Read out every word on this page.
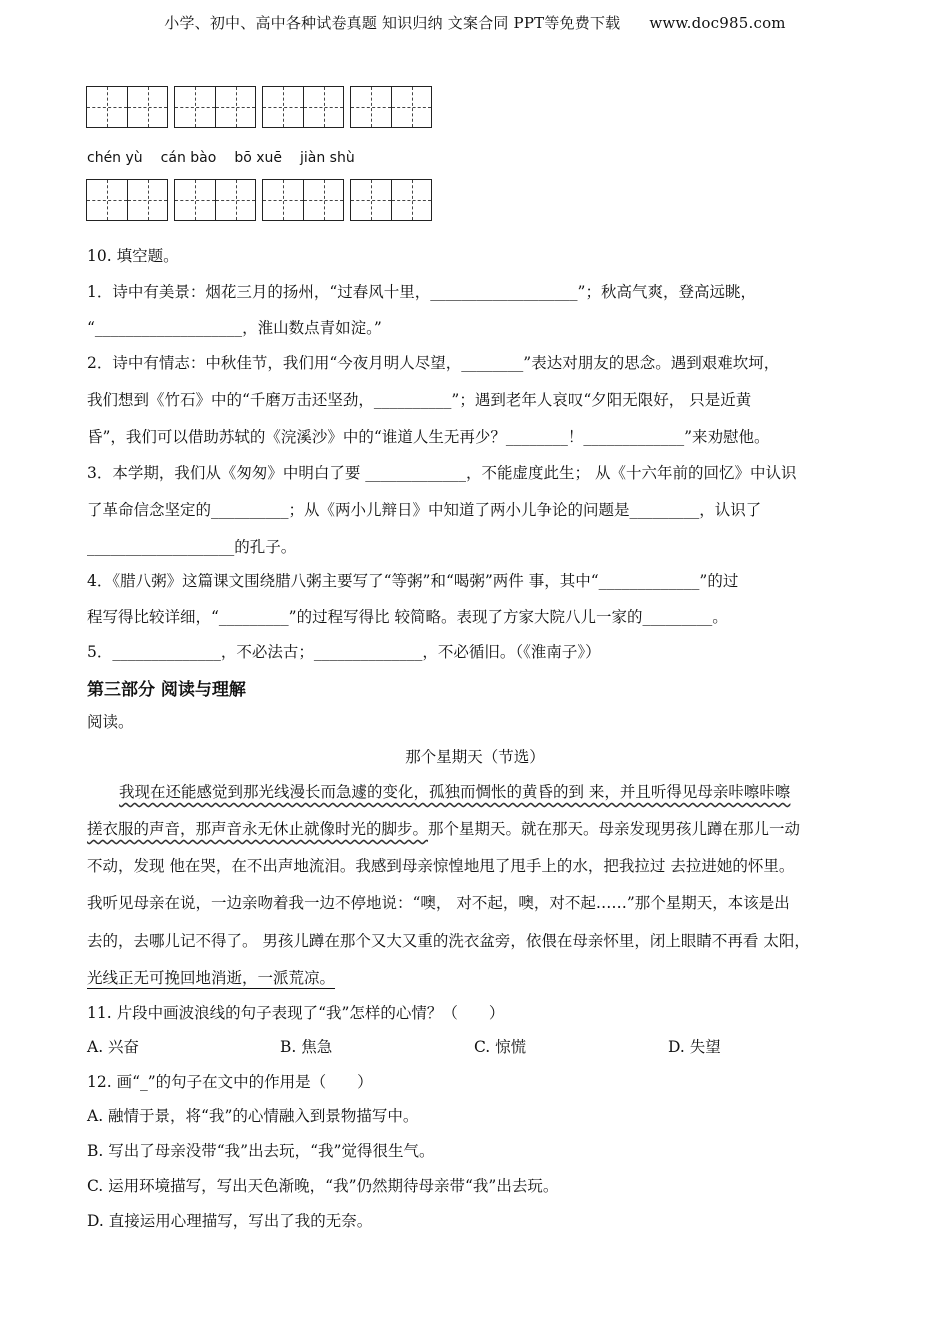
小学、初中、高中各种试卷真题 知识归纳 文案合同 PPT等免费下载 www.doc985.com
chén yù cán bào bō xuē jiàn shù
10. 填空题。
1．诗中有美景：烟花三月的扬州，“过春风十里，___________________”；秋高气爽，登高远眺，
“___________________，淮山数点青如淀。”
2．诗中有情志：中秋佳节，我们用“今夜月明人尽望，________”表达对朋友的思念。遇到艰难坎坷，
我们想到《竹石》中的“千磨万击还坚劲，__________”；遇到老年人哀叹“夕阳无限好， 只是近黄
昏”，我们可以借助苏轼的《浣溪沙》中的“谁道人生无再少？________！_____________”来劝慰他。
3．本学期，我们从《匆匆》中明白了要 _____________，不能虚度此生； 从《十六年前的回忆》中认识
了革命信念坚定的__________；从《两小儿辩日》中知道了两小儿争论的问题是_________，认识了
___________________的孔子。
4．《腊八粥》这篇课文围绕腊八粥主要写了“等粥”和“喝粥”两件 事，其中“_____________”的过
程写得比较详细，“_________”的过程写得比 较简略。表现了方家大院八儿一家的_________。
5．______________，不必法古；______________，不必循旧。（《淮南子》）
第三部分 阅读与理解
阅读。
那个星期天（节选）
我现在还能感觉到那光线漫长而急遽的变化，孤独而惆怅的黄昏的到 来，并且听得见母亲咔嚓咔嚓
搓衣服的声音，那声音永无休止就像时光的脚步。那个星期天。就在那天。母亲发现男孩儿蹲在那儿一动
不动，发现 他在哭，在不出声地流泪。我感到母亲惊惶地甩了甩手上的水，把我拉过 去拉进她的怀里。
我听见母亲在说，一边亲吻着我一边不停地说：“噢， 对不起，噢，对不起……”那个星期天，本该是出
去的，去哪儿记不得了。 男孩儿蹲在那个又大又重的洗衣盆旁，依偎在母亲怀里，闭上眼睛不再看 太阳，
光线正无可挽回地消逝，一派荒凉。
11. 片段中画波浪线的句子表现了“我”怎样的心情？（　　）
A. 兴奋	B. 焦急	C. 惊慌	D. 失望
12. 画“_”的句子在文中的作用是（　　）
A. 融情于景，将“我”的心情融入到景物描写中。
B. 写出了母亲没带“我”出去玩，“我”觉得很生气。
C. 运用环境描写，写出天色渐晚，“我”仍然期待母亲带“我”出去玩。
D. 直接运用心理描写，写出了我的无奈。
